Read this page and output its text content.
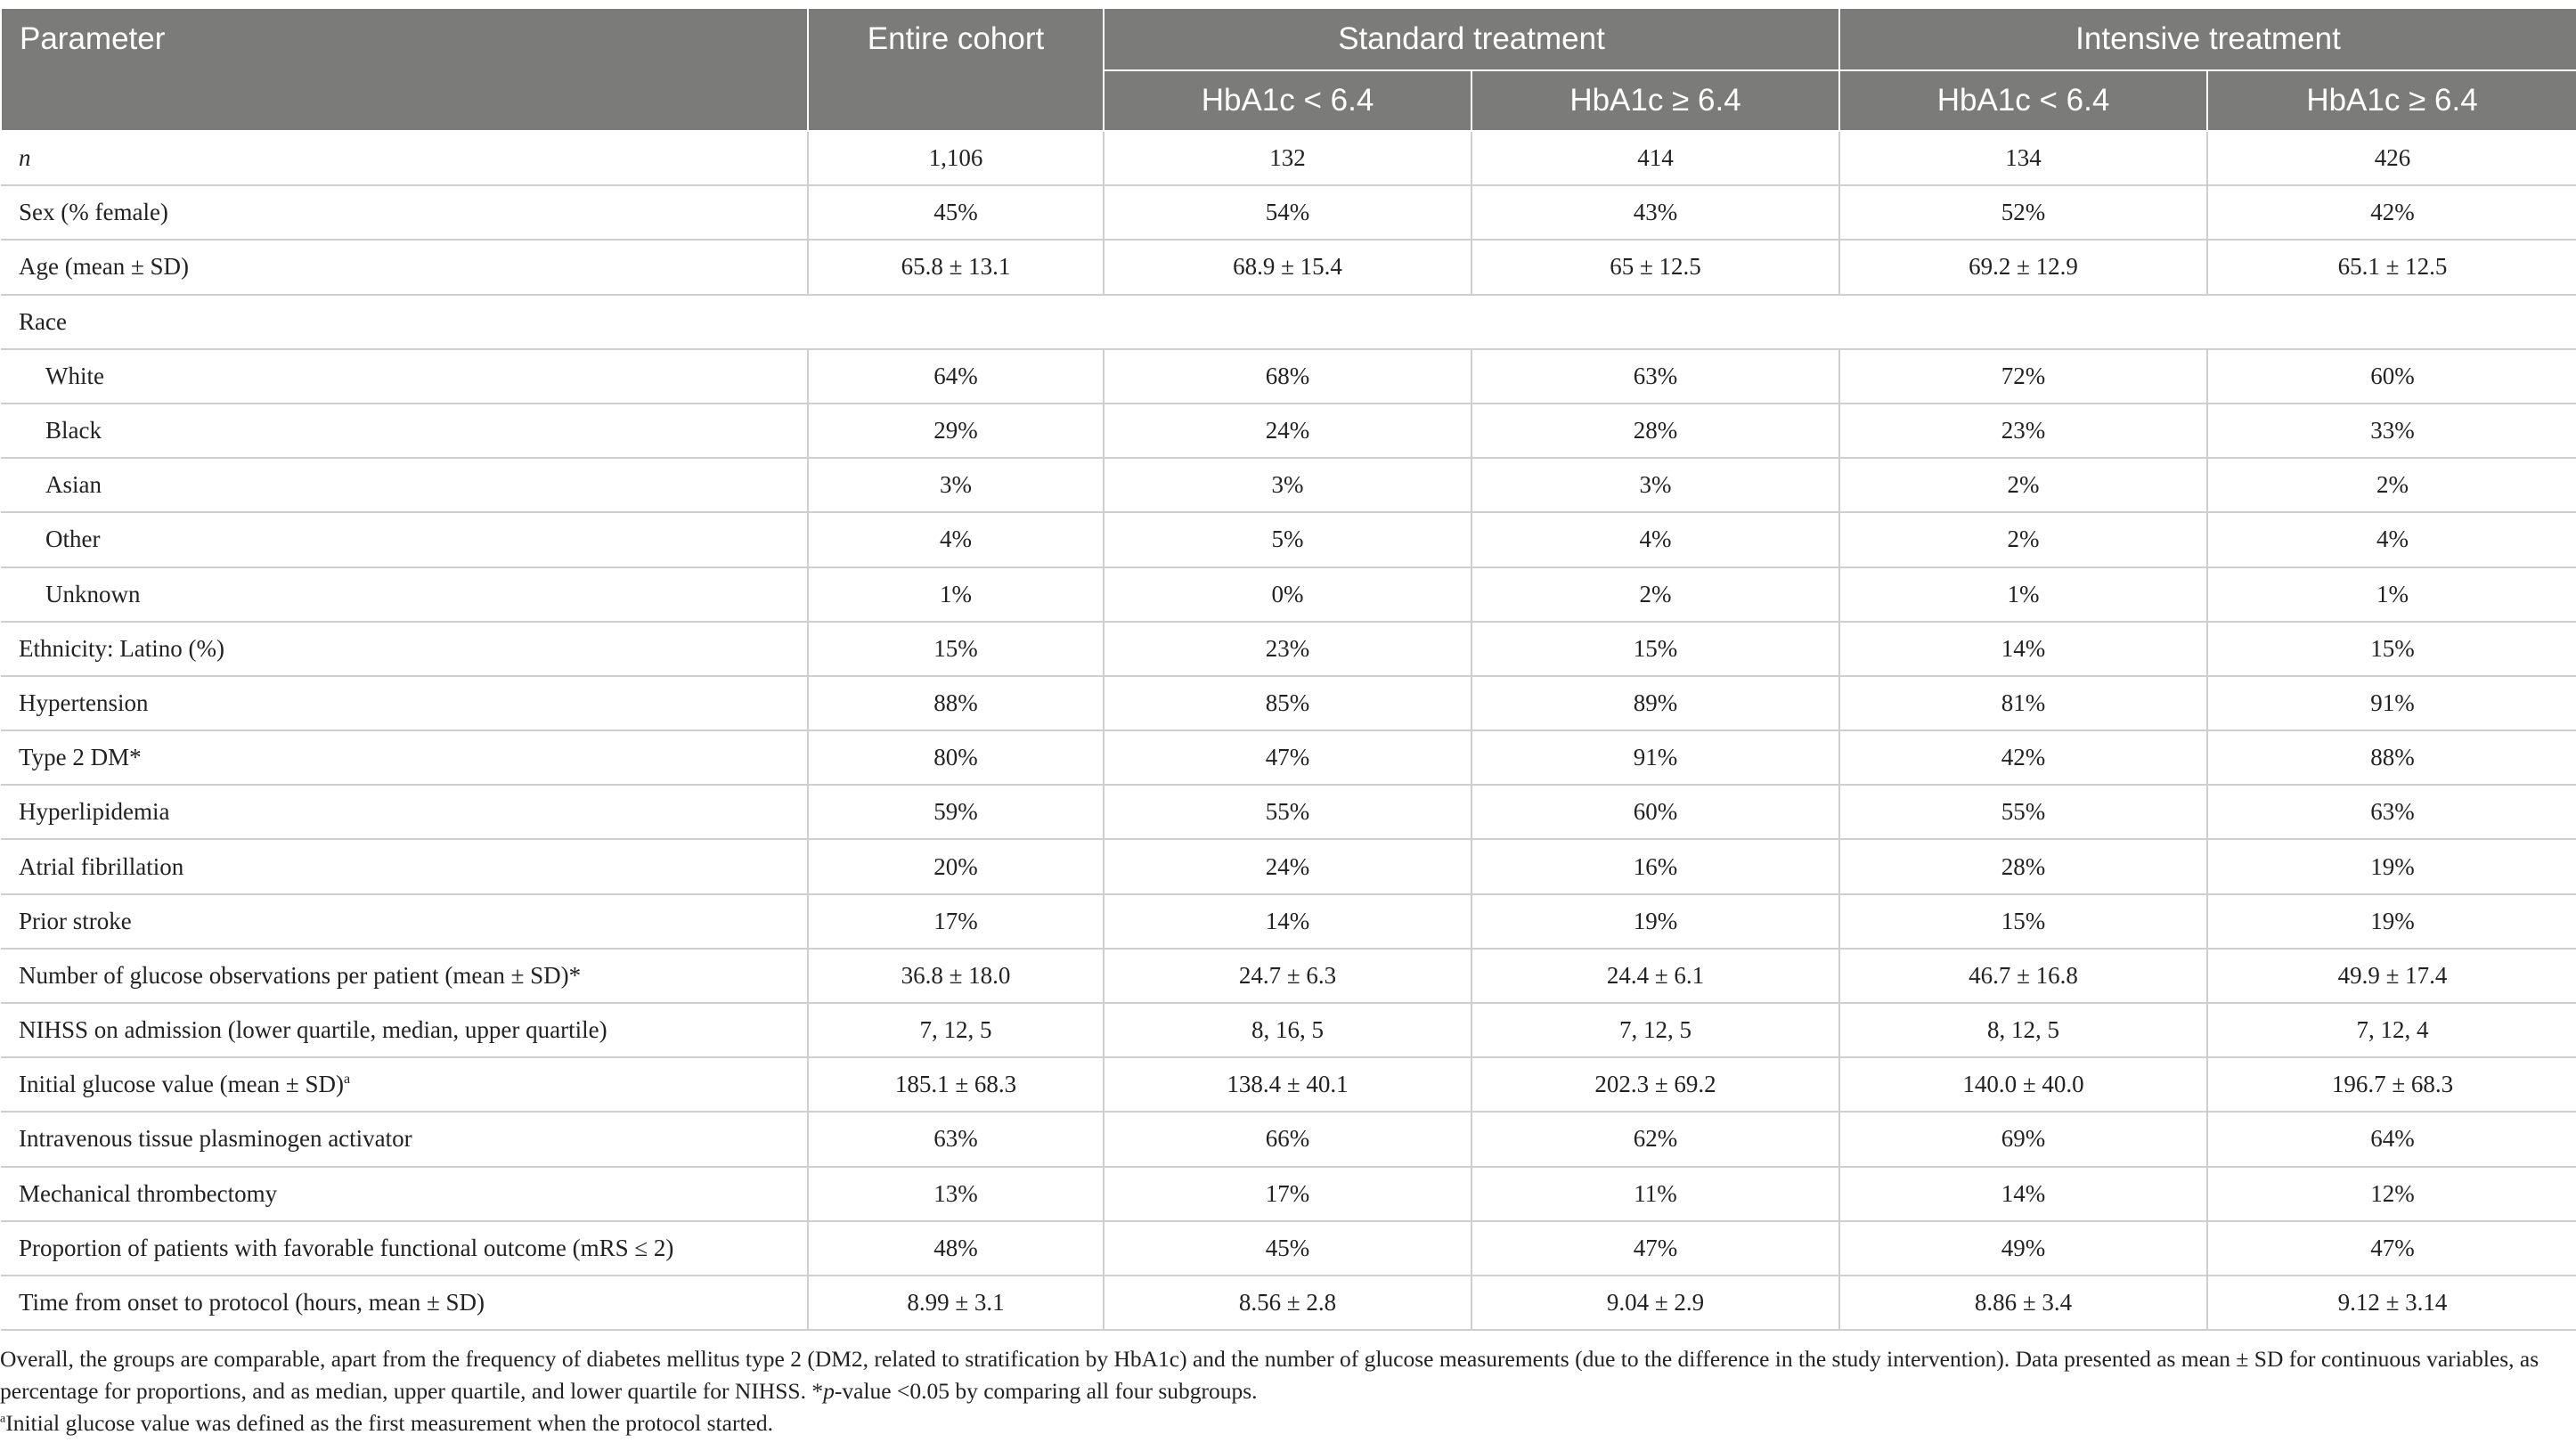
Parameter	Entire cohort	Standard treatment		Intensive treatment	
		HbA1c < 6.4	HbA1c ≥ 6.4	HbA1c < 6.4	HbA1c ≥ 6.4
n	1,106	132	414	134	426
Sex (% female)	45%	54%	43%	52%	42%
Age (mean ± SD)	65.8 ± 13.1	68.9 ± 15.4	65 ± 12.5	69.2 ± 12.9	65.1 ± 12.5
Race					
White	64%	68%	63%	72%	60%
Black	29%	24%	28%	23%	33%
Asian	3%	3%	3%	2%	2%
Other	4%	5%	4%	2%	4%
Unknown	1%	0%	2%	1%	1%
Ethnicity: Latino (%)	15%	23%	15%	14%	15%
Hypertension	88%	85%	89%	81%	91%
Type 2 DM*	80%	47%	91%	42%	88%
Hyperlipidemia	59%	55%	60%	55%	63%
Atrial fibrillation	20%	24%	16%	28%	19%
Prior stroke	17%	14%	19%	15%	19%
Number of glucose observations per patient (mean ± SD)*	36.8 ± 18.0	24.7 ± 6.3	24.4 ± 6.1	46.7 ± 16.8	49.9 ± 17.4
NIHSS on admission (lower quartile, median, upper quartile)	7, 12, 5	8, 16, 5	7, 12, 5	8, 12, 5	7, 12, 4
Initial glucose value (mean ± SD)$^a$	185.1 ± 68.3	138.4 ± 40.1	202.3 ± 69.2	140.0 ± 40.0	196.7 ± 68.3
Intravenous tissue plasminogen activator	63%	66%	62%	69%	64%
Mechanical thrombectomy	13%	17%	11%	14%	12%
Proportion of patients with favorable functional outcome (mRS ≤ 2)	48%	45%	47%	49%	47%
Time from onset to protocol (hours, mean ± SD)	8.99 ± 3.1	8.56 ± 2.8	9.04 ± 2.9	8.86 ± 3.4	9.12 ± 3.14

Overall, the groups are comparable, apart from the frequency of diabetes mellitus type 2 (DM2, related to stratification by HbA1c) and the number of glucose measurements (due to the difference in the study intervention). Data presented as mean ± SD for continuous variables, as percentage for proportions, and as median, upper quartile, and lower quartile for NIHSS. *p-value <0.05 by comparing all four subgroups.

$^a$Initial glucose value was defined as the first measurement when the protocol started.
